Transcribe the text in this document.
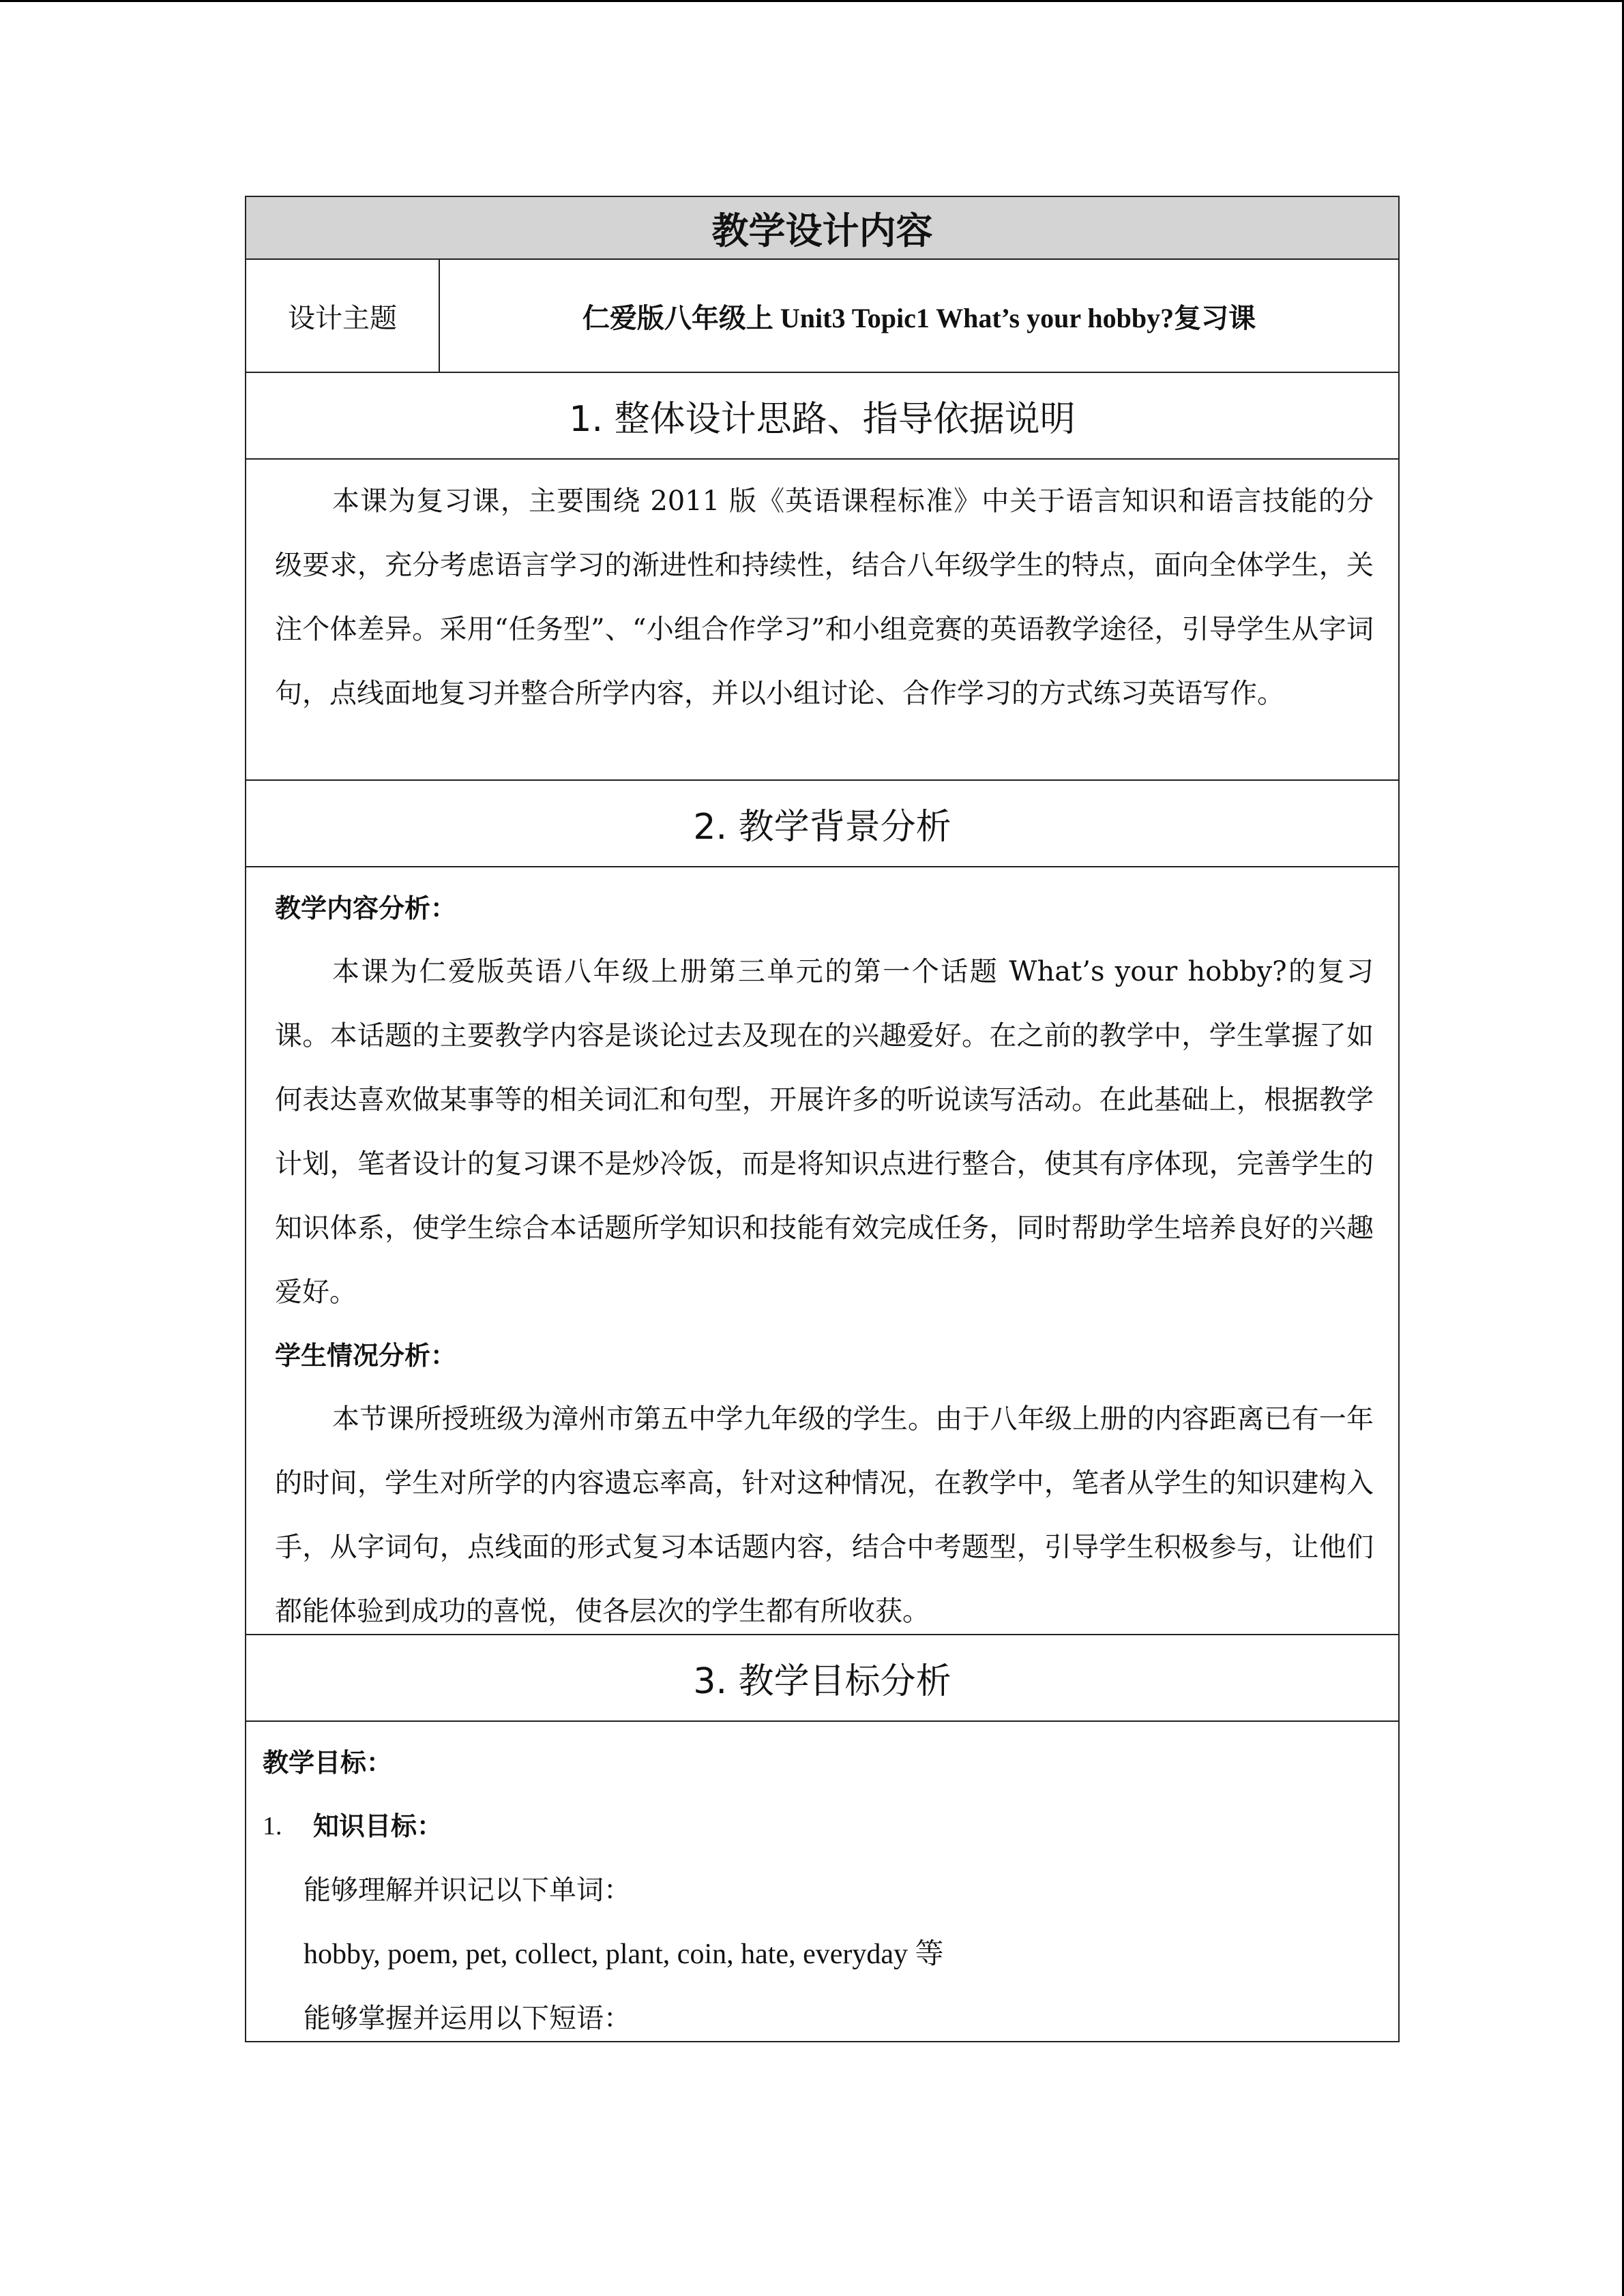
教学设计内容
设计主题	仁爱版八年级上 Unit3 Topic1 What’s your hobby?复习课
1. 整体设计思路、指导依据说明

本课为复习课，主要围绕 2011 版《英语课程标准》中关于语言知识和语言技能的分级要求，充分考虑语言学习的渐进性和持续性，结合八年级学生的特点，面向全体学生，关注个体差异。采用“任务型”、“小组合作学习”和小组竞赛的英语教学途径，引导学生从字词句，点线面地复习并整合所学内容，并以小组讨论、合作学习的方式练习英语写作。

2. 教学背景分析

教学内容分析：

本课为仁爱版英语八年级上册第三单元的第一个话题 What’s your hobby?的复习课。本话题的主要教学内容是谈论过去及现在的兴趣爱好。在之前的教学中，学生掌握了如何表达喜欢做某事等的相关词汇和句型，开展许多的听说读写活动。在此基础上，根据教学计划，笔者设计的复习课不是炒冷饭，而是将知识点进行整合，使其有序体现，完善学生的知识体系，使学生综合本话题所学知识和技能有效完成任务，同时帮助学生培养良好的兴趣爱好。

学生情况分析：

本节课所授班级为漳州市第五中学九年级的学生。由于八年级上册的内容距离已有一年的时间，学生对所学的内容遗忘率高，针对这种情况，在教学中，笔者从学生的知识建构入手，从字词句，点线面的形式复习本话题内容，结合中考题型，引导学生积极参与，让他们都能体验到成功的喜悦，使各层次的学生都有所收获。

3. 教学目标分析

教学目标：

1.	知识目标：

能够理解并识记以下单词：

hobby, poem, pet, collect, plant, coin, hate, everyday 等

能够掌握并运用以下短语：
